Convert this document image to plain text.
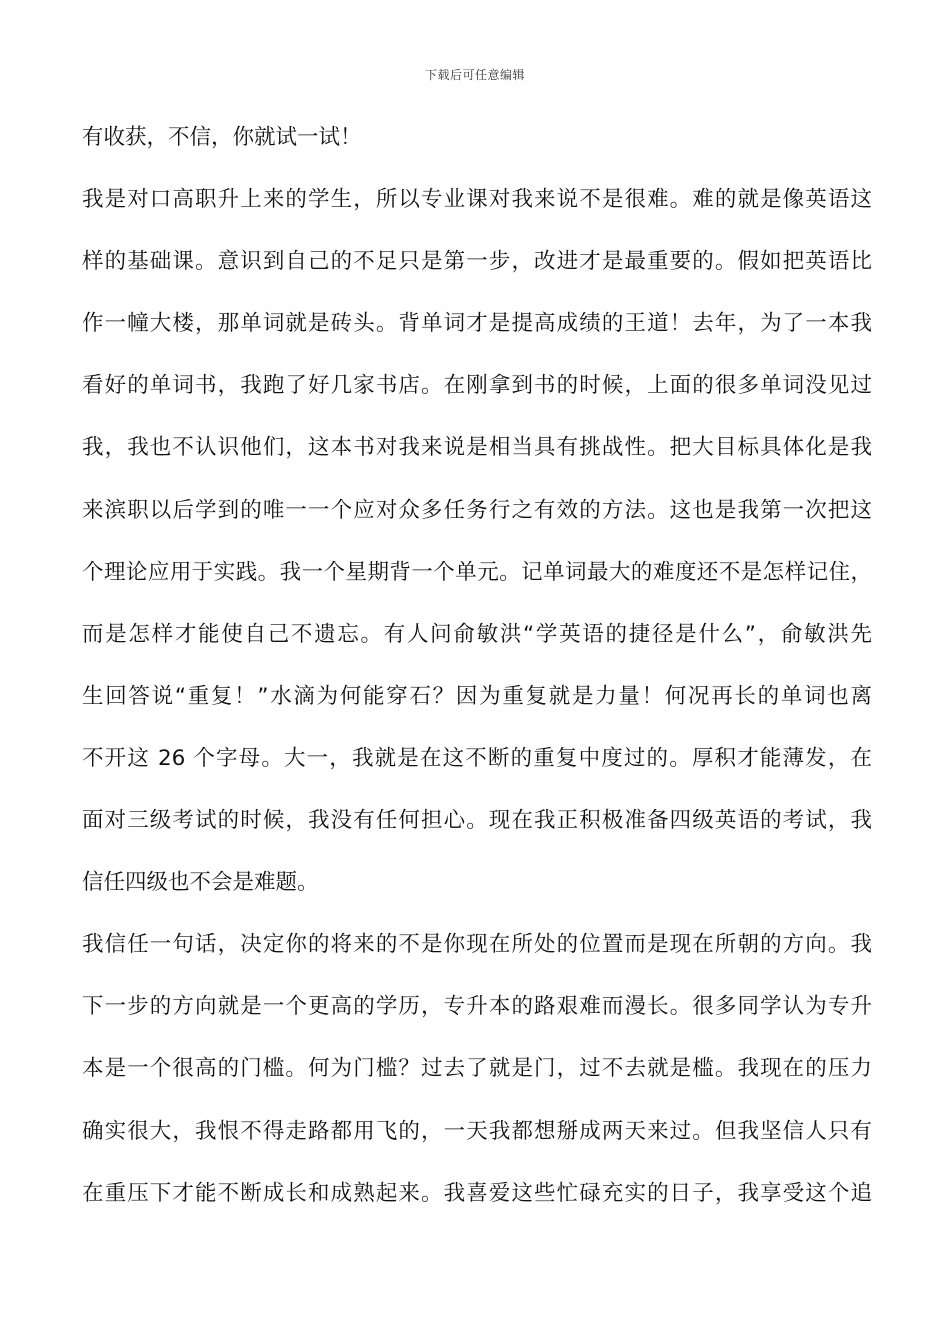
下载后可任意编辑
有收获，不信，你就试一试！
我是对口高职升上来的学生，所以专业课对我来说不是很难。难的就是像英语这
样的基础课。意识到自己的不足只是第一步，改进才是最重要的。假如把英语比
作一幢大楼，那单词就是砖头。背单词才是提高成绩的王道！去年，为了一本我
看好的单词书，我跑了好几家书店。在刚拿到书的时候，上面的很多单词没见过
我，我也不认识他们，这本书对我来说是相当具有挑战性。把大目标具体化是我
来滨职以后学到的唯一一个应对众多任务行之有效的方法。这也是我第一次把这
个理论应用于实践。我一个星期背一个单元。记单词最大的难度还不是怎样记住，
而是怎样才能使自己不遗忘。有人问俞敏洪“学英语的捷径是什么”，俞敏洪先
生回答说“重复！”水滴为何能穿石？因为重复就是力量！何况再长的单词也离
不开这 26 个字母。大一，我就是在这不断的重复中度过的。厚积才能薄发，在
面对三级考试的时候，我没有任何担心。现在我正积极准备四级英语的考试，我
信任四级也不会是难题。
我信任一句话，决定你的将来的不是你现在所处的位置而是现在所朝的方向。我
下一步的方向就是一个更高的学历，专升本的路艰难而漫长。很多同学认为专升
本是一个很高的门槛。何为门槛？过去了就是门，过不去就是槛。我现在的压力
确实很大，我恨不得走路都用飞的，一天我都想掰成两天来过。但我坚信人只有
在重压下才能不断成长和成熟起来。我喜爱这些忙碌充实的日子，我享受这个追
